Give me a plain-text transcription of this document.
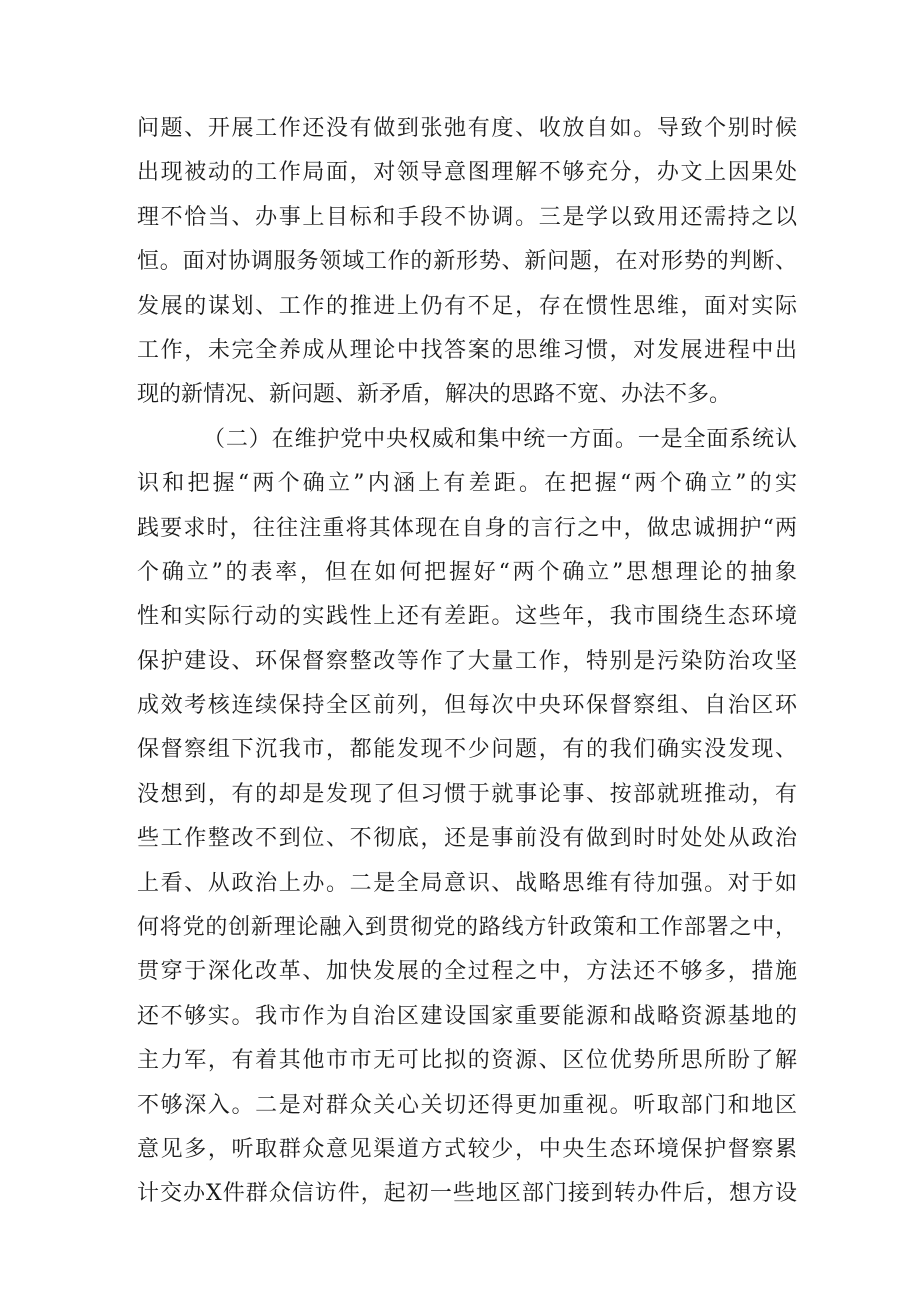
问题、开展工作还没有做到张弛有度、收放自如。导致个别时候
出现被动的工作局面，对领导意图理解不够充分，办文上因果处
理不恰当、办事上目标和手段不协调。三是学以致用还需持之以
恒。面对协调服务领域工作的新形势、新问题，在对形势的判断、
发展的谋划、工作的推进上仍有不足，存在惯性思维，面对实际
工作，未完全养成从理论中找答案的思维习惯，对发展进程中出
现的新情况、新问题、新矛盾，解决的思路不宽、办法不多。
（二）在维护党中央权威和集中统一方面。一是全面系统认
识和把握“两个确立”内涵上有差距。在把握“两个确立”的实
践要求时，往往注重将其体现在自身的言行之中，做忠诚拥护“两
个确立”的表率，但在如何把握好“两个确立”思想理论的抽象
性和实际行动的实践性上还有差距。这些年，我市围绕生态环境
保护建设、环保督察整改等作了大量工作，特别是污染防治攻坚
成效考核连续保持全区前列，但每次中央环保督察组、自治区环
保督察组下沉我市，都能发现不少问题，有的我们确实没发现、
没想到，有的却是发现了但习惯于就事论事、按部就班推动，有
些工作整改不到位、不彻底，还是事前没有做到时时处处从政治
上看、从政治上办。二是全局意识、战略思维有待加强。对于如
何将党的创新理论融入到贯彻党的路线方针政策和工作部署之中，
贯穿于深化改革、加快发展的全过程之中，方法还不够多，措施
还不够实。我市作为自治区建设国家重要能源和战略资源基地的
主力军，有着其他市市无可比拟的资源、区位优势所思所盼了解
不够深入。二是对群众关心关切还得更加重视。听取部门和地区
意见多，听取群众意见渠道方式较少，中央生态环境保护督察累
计交办X件群众信访件，起初一些地区部门接到转办件后，想方设
